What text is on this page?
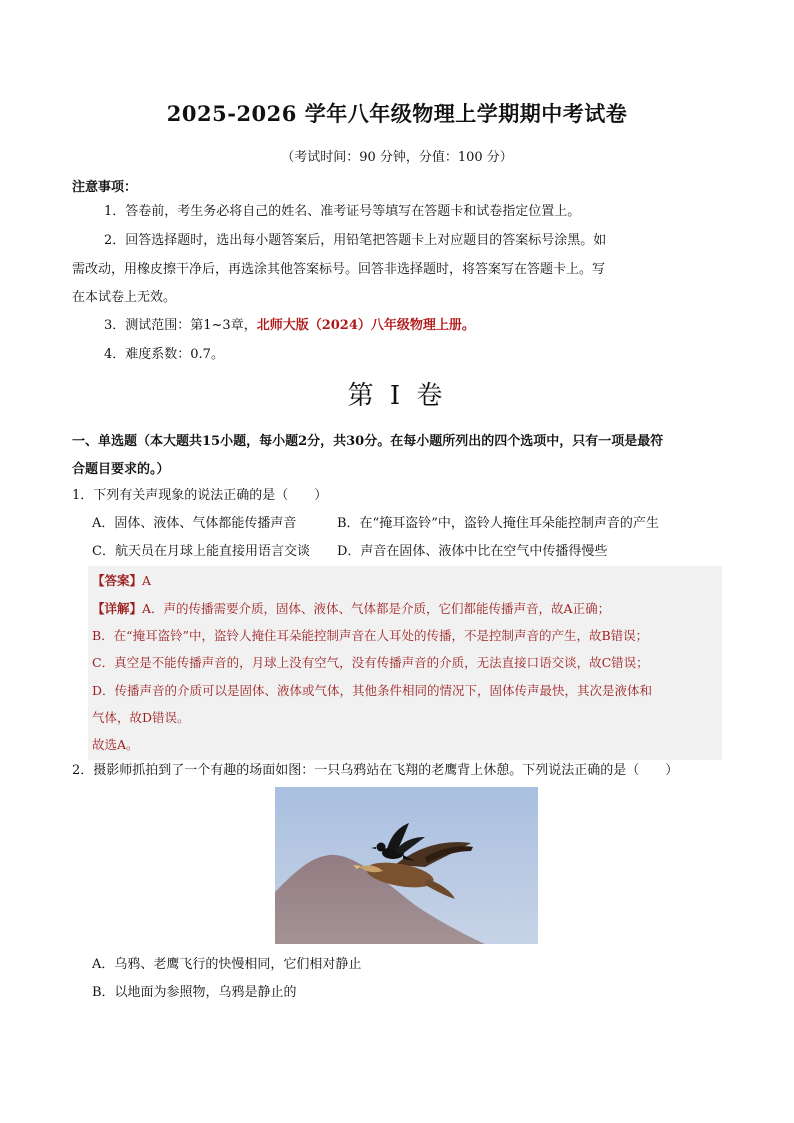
2025-2026 学年八年级物理上学期期中考试卷
（考试时间：90 分钟，分值：100 分）
注意事项：
1．答卷前，考生务必将自己的姓名、准考证号等填写在答题卡和试卷指定位置上。
2．回答选择题时，选出每小题答案后，用铅笔把答题卡上对应题目的答案标号涂黑。如
需改动，用橡皮擦干净后，再选涂其他答案标号。回答非选择题时，将答案写在答题卡上。写
在本试卷上无效。
3．测试范围：第1~3章，北师大版（2024）八年级物理上册。
4．难度系数：0.7。
第 I 卷
一、单选题（本大题共15小题，每小题2分，共30分。在每小题所列出的四个选项中，只有一项是最符
合题目要求的。）
1．下列有关声现象的说法正确的是（　　）
A．固体、液体、气体都能传播声音	B．在“掩耳盗铃”中，盗铃人掩住耳朵能控制声音的产生
C．航天员在月球上能直接用语言交谈 D．声音在固体、液体中比在空气中传播得慢些
【答案】A
【详解】A．声的传播需要介质，固体、液体、气体都是介质，它们都能传播声音，故A正确；
B．在“掩耳盗铃”中，盗铃人掩住耳朵能控制声音在人耳处的传播，不是控制声音的产生，故B错误；
C．真空是不能传播声音的，月球上没有空气，没有传播声音的介质，无法直接口语交谈，故C错误；
D．传播声音的介质可以是固体、液体或气体，其他条件相同的情况下，固体传声最快，其次是液体和
气体，故D错误。
故选A。
2．摄影师抓拍到了一个有趣的场面如图：一只乌鸦站在飞翔的老鹰背上休憩。下列说法正确的是（　　）
A．乌鸦、老鹰飞行的快慢相同，它们相对静止
B．以地面为参照物，乌鸦是静止的
